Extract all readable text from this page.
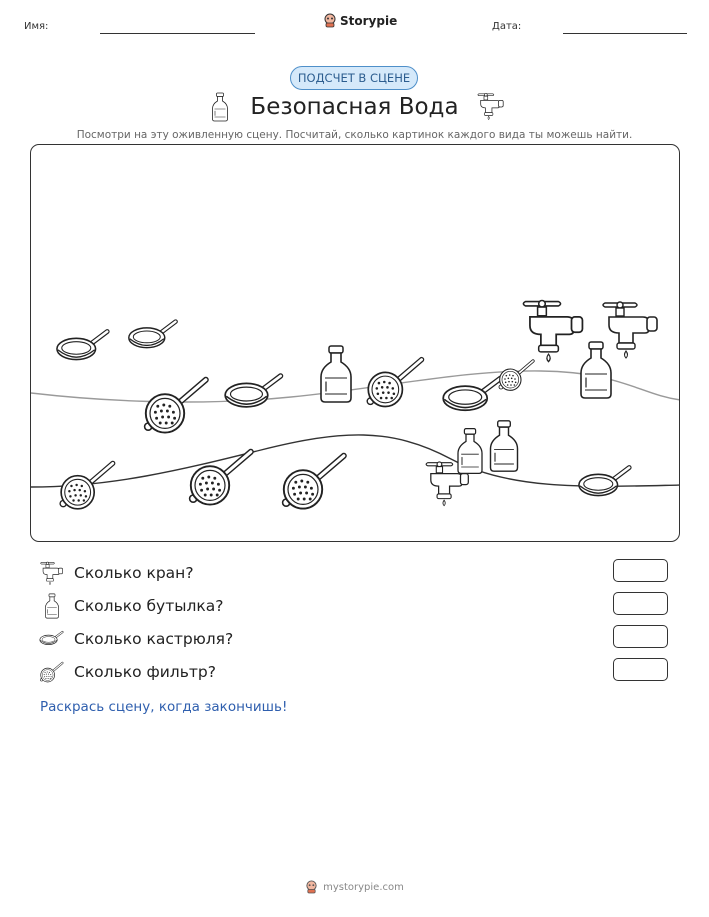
Имя:	Storypie	Дата:
ПОДСЧЕТ В СЦЕНЕ
Безопасная Вода
Посмотри на эту оживленную сцену. Посчитай, сколько картинок каждого вида ты можешь найти.
Сколько кран?
Сколько бутылка?
Сколько кастрюля?
Сколько фильтр?
Раскрась сцену, когда закончишь!
mystorypie.com
